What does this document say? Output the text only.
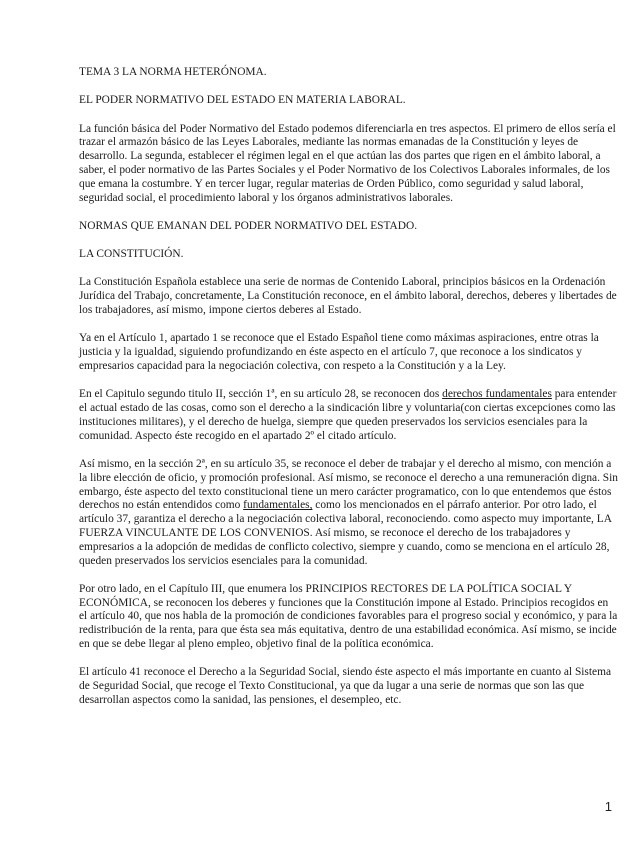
TEMA 3 LA NORMA HETERÓNOMA.

EL PODER NORMATIVO DEL ESTADO EN MATERIA LABORAL.

La función básica del Poder Normativo del Estado podemos diferenciarla en tres aspectos. El primero de ellos sería el trazar el armazón básico de las Leyes Laborales, mediante las normas emanadas de la Constitución y leyes de desarrollo. La segunda, establecer el régimen legal en el que actúan las dos partes que rigen en el ámbito laboral, a saber, el poder normativo de las Partes Sociales y el Poder Normativo de los Colectivos Laborales informales, de los que emana la costumbre. Y en tercer lugar, regular materias de Orden Público, como seguridad y salud laboral, seguridad social, el procedimiento laboral y los órganos administrativos laborales.

NORMAS QUE EMANAN DEL PODER NORMATIVO DEL ESTADO.

LA CONSTITUCIÓN.

La Constitución Española establece una serie de normas de Contenido Laboral, principios básicos en la Ordenación Jurídica del Trabajo, concretamente, La Constitución reconoce, en el ámbito laboral, derechos, deberes y libertades de los trabajadores, así mismo, impone ciertos deberes al Estado.

Ya en el Artículo 1, apartado 1 se reconoce que el Estado Español tiene como máximas aspiraciones, entre otras la justicia y la igualdad, siguiendo profundizando en éste aspecto en el artículo 7, que reconoce a los sindicatos y empresarios capacidad para la negociación colectiva, con respeto a la Constitución y a la Ley.

En el Capitulo segundo titulo II, sección 1ª, en su artículo 28, se reconocen dos derechos fundamentales para entender el actual estado de las cosas, como son el derecho a la sindicación libre y voluntaria(con ciertas excepciones como las instituciones militares), y el derecho de huelga, siempre que queden preservados los servicios esenciales para la comunidad. Aspecto éste recogido en el apartado 2º el citado artículo.

Así mismo, en la sección 2ª, en su artículo 35, se reconoce el deber de trabajar y el derecho al mismo, con mención a la libre elección de oficio, y promoción profesional. Así mismo, se reconoce el derecho a una remuneración digna. Sin embargo, éste aspecto del texto constitucional tiene un mero carácter programatico, con lo que entendemos que éstos derechos no están entendidos como fundamentales, como los mencionados en el párrafo anterior. Por otro lado, el artículo 37, garantiza el derecho a la negociación colectiva laboral, reconociendo. como aspecto muy importante, LA FUERZA VINCULANTE DE LOS CONVENIOS. Así mismo, se reconoce el derecho de los trabajadores y empresarios a la adopción de medidas de conflicto colectivo, siempre y cuando, como se menciona en el artículo 28, queden preservados los servicios esenciales para la comunidad.

Por otro lado, en el Capítulo III, que enumera los PRINCIPIOS RECTORES DE LA POLÍTICA SOCIAL Y ECONÓMICA, se reconocen los deberes y funciones que la Constitución impone al Estado. Principios recogidos en el artículo 40, que nos habla de la promoción de condiciones favorables para el progreso social y económico, y para la redistribución de la renta, para que ésta sea más equitativa, dentro de una estabilidad económica. Así mismo, se incide en que se debe llegar al pleno empleo, objetivo final de la política económica.

El artículo 41 reconoce el Derecho a la Seguridad Social, siendo éste aspecto el más importante en cuanto al Sistema de Seguridad Social, que recoge el Texto Constitucional, ya que da lugar a una serie de normas que son las que desarrollan aspectos como la sanidad, las pensiones, el desempleo, etc.

1
